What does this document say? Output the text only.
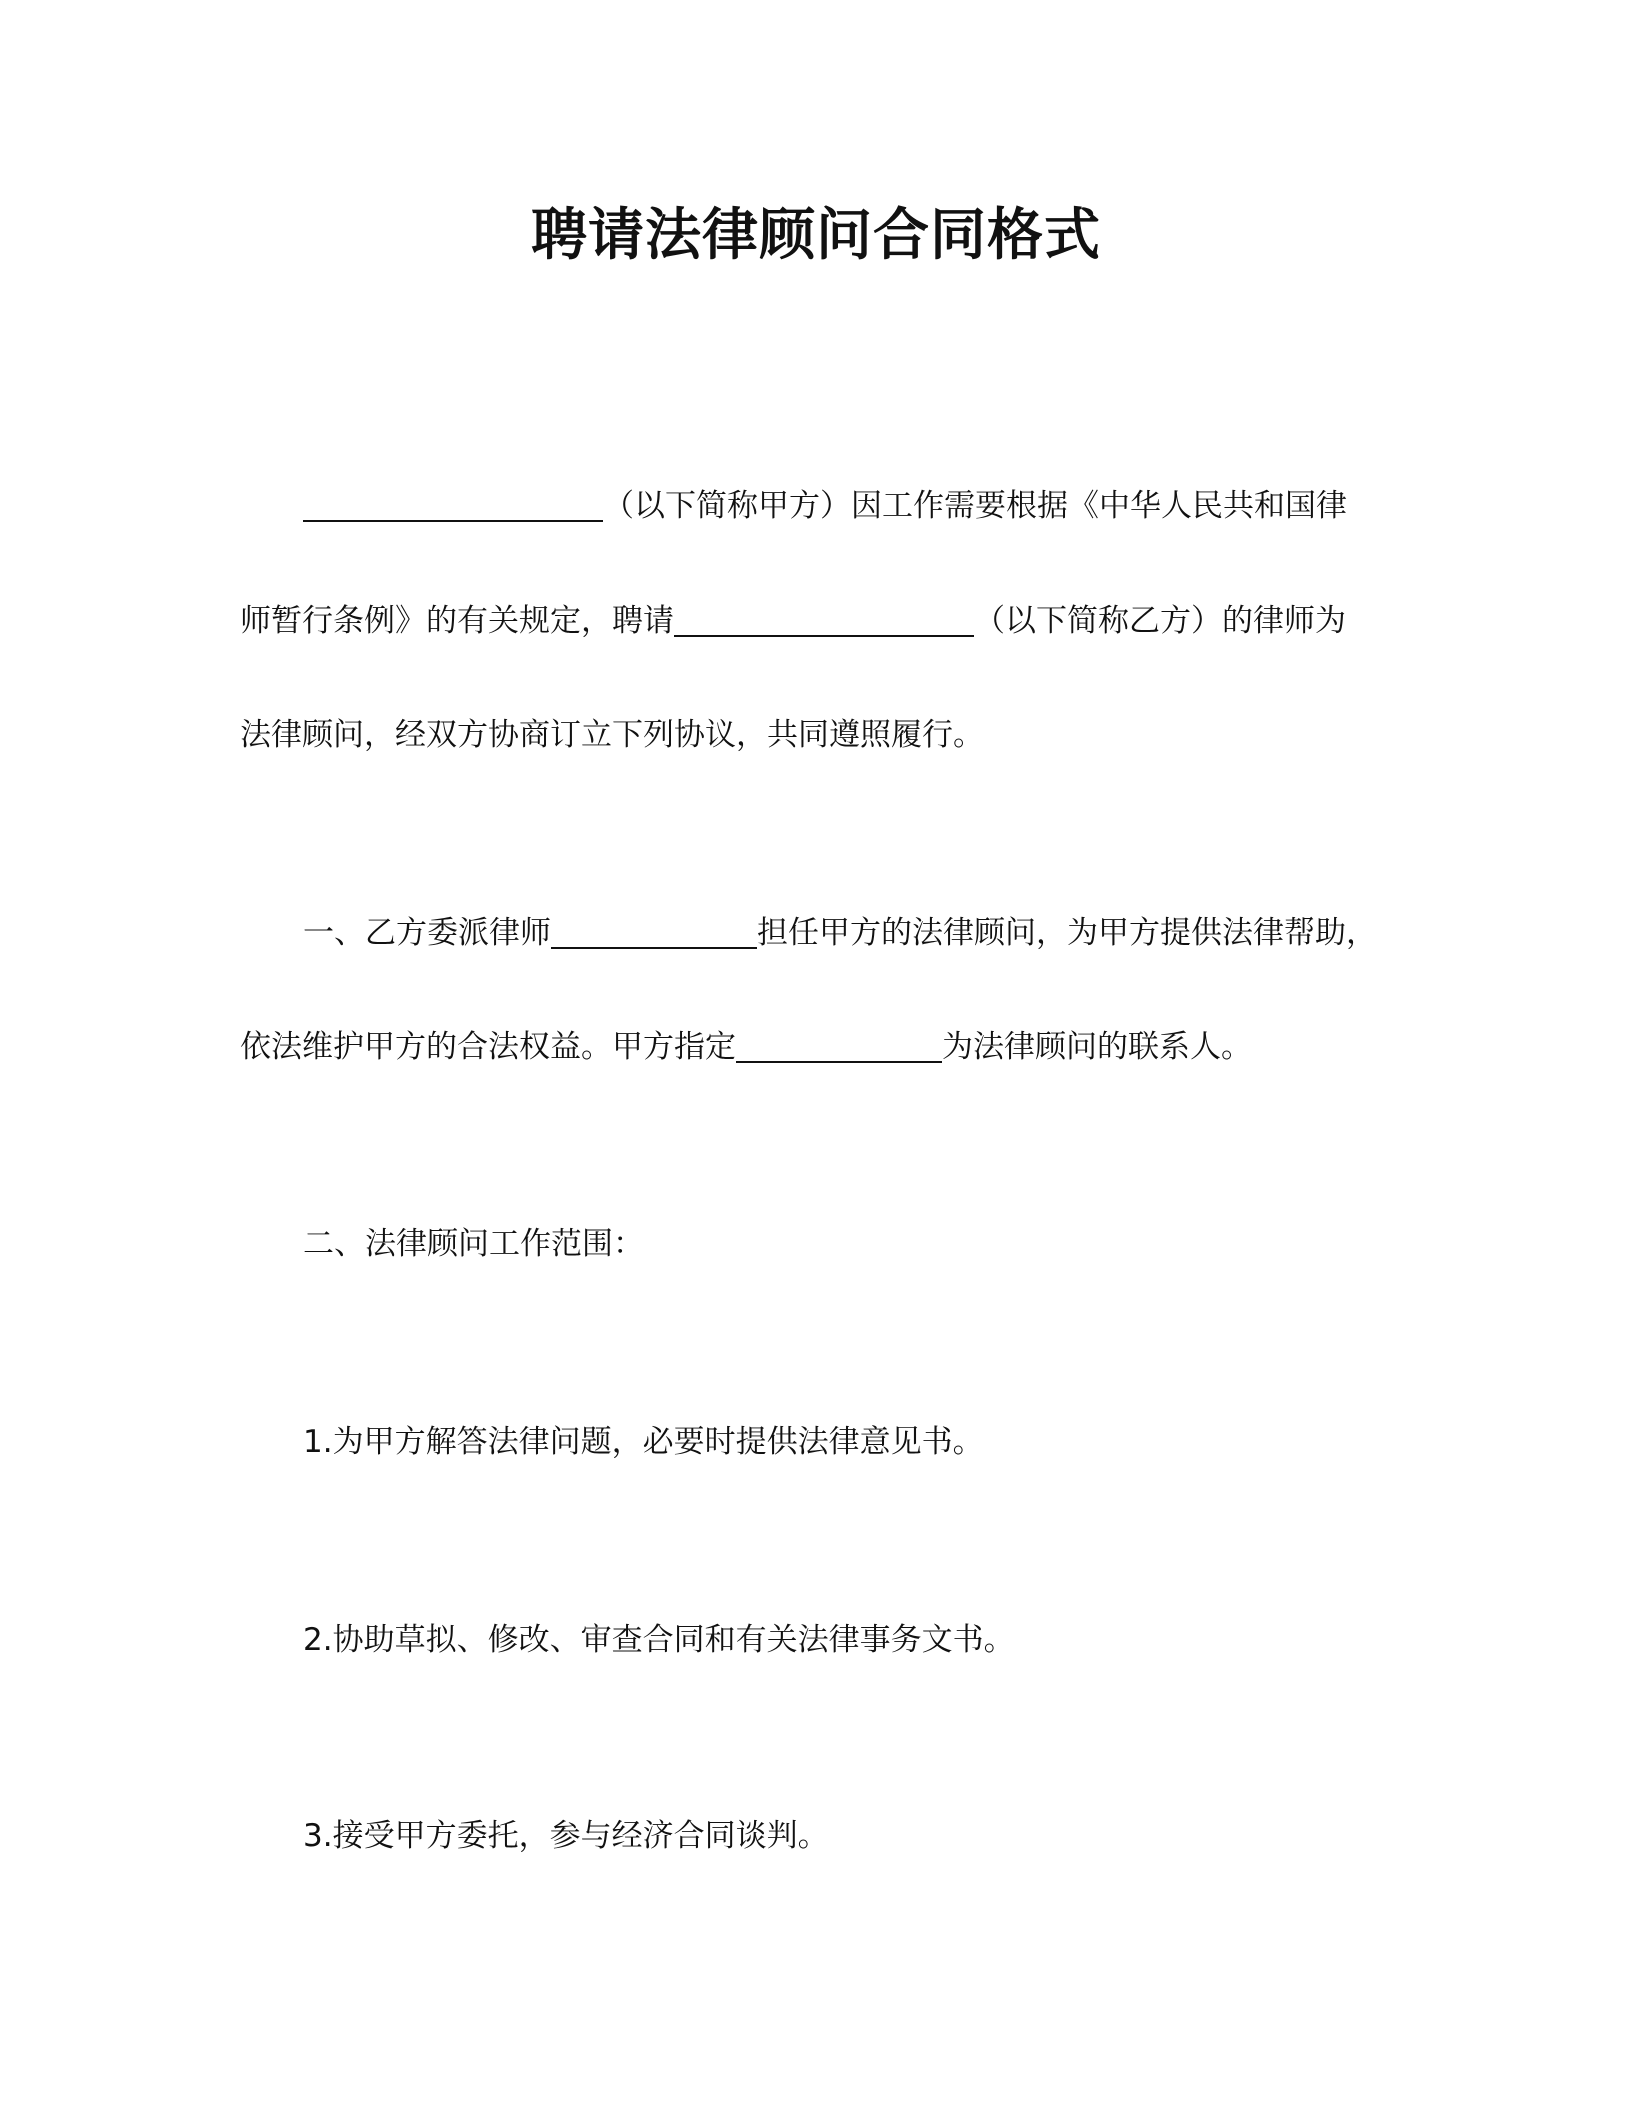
聘请法律顾问合同格式
（以下简称甲方）因工作需要根据《中华人民共和国律
师暂行条例》的有关规定，聘请	（以下简称乙方）的律师为
法律顾问，经双方协商订立下列协议，共同遵照履行。
一、乙方委派律师	担任甲方的法律顾问，为甲方提供法律帮助，
依法维护甲方的合法权益。甲方指定	为法律顾问的联系人。
二、法律顾问工作范围：
1.为甲方解答法律问题，必要时提供法律意见书。
2.协助草拟、修改、审查合同和有关法律事务文书。
3.接受甲方委托，参与经济合同谈判。
